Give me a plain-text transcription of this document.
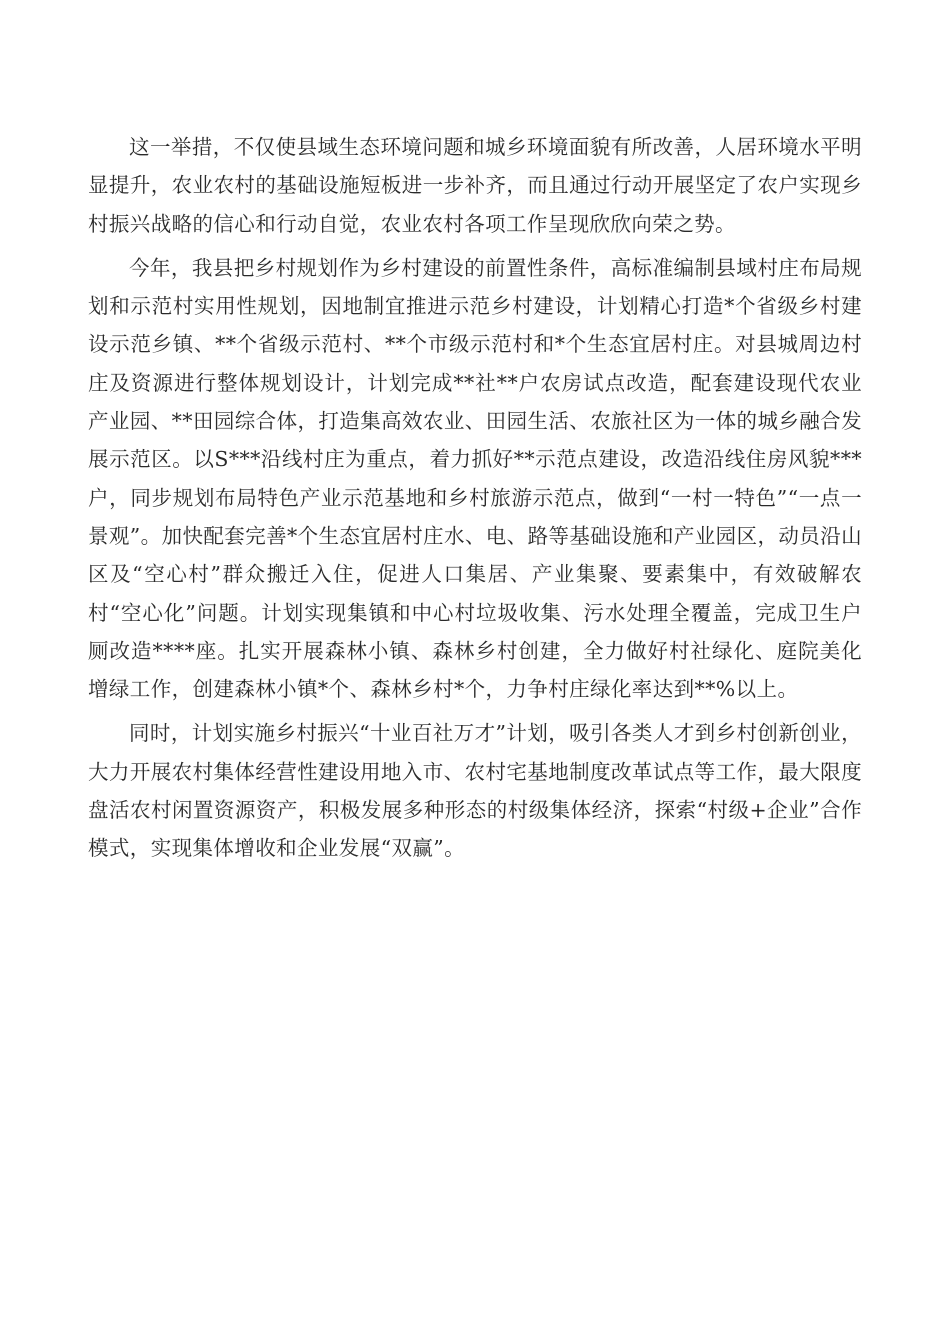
这一举措，不仅使县域生态环境问题和城乡环境面貌有所改善，人居环境水平明显提升，农业农村的基础设施短板进一步补齐，而且通过行动开展坚定了农户实现乡村振兴战略的信心和行动自觉，农业农村各项工作呈现欣欣向荣之势。

今年，我县把乡村规划作为乡村建设的前置性条件，高标准编制县域村庄布局规划和示范村实用性规划，因地制宜推进示范乡村建设，计划精心打造*个省级乡村建设示范乡镇、**个省级示范村、**个市级示范村和*个生态宜居村庄。对县城周边村庄及资源进行整体规划设计，计划完成**社**户农房试点改造，配套建设现代农业产业园、**田园综合体，打造集高效农业、田园生活、农旅社区为一体的城乡融合发展示范区。以S***沿线村庄为重点，着力抓好**示范点建设，改造沿线住房风貌***户，同步规划布局特色产业示范基地和乡村旅游示范点，做到“一村一特色”“一点一景观”。加快配套完善*个生态宜居村庄水、电、路等基础设施和产业园区，动员沿山区及“空心村”群众搬迁入住，促进人口集居、产业集聚、要素集中，有效破解农村“空心化”问题。计划实现集镇和中心村垃圾收集、污水处理全覆盖，完成卫生户厕改造****座。扎实开展森林小镇、森林乡村创建，全力做好村社绿化、庭院美化增绿工作，创建森林小镇*个、森林乡村*个，力争村庄绿化率达到**%以上。

同时，计划实施乡村振兴“十业百社万才”计划，吸引各类人才到乡村创新创业，大力开展农村集体经营性建设用地入市、农村宅基地制度改革试点等工作，最大限度盘活农村闲置资源资产，积极发展多种形态的村级集体经济，探索“村级+企业”合作模式，实现集体增收和企业发展“双赢”。
